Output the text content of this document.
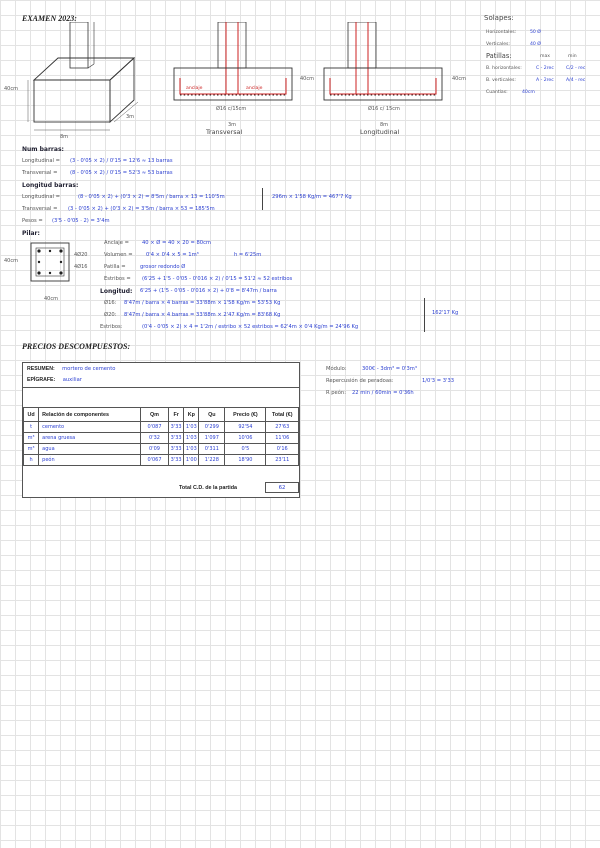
EXAMEN 2023:
40cm
3m
8m
anclaje	anclaje
40cm
Ø16 c/15cm
3m
Transversal
40cm
Ø16 c/ 15cm
8m
Longitudinal
Solapes:
Horizontales:	50 Ø
Verticales:	40 Ø
Patillas:	max	min
B. horizontales:	C - 2rec	C/2 - rec
B. verticales:	A - 2rec	A/4 - rec
Cuantías:	40cm
Num barras:
Longitudinal = (3 - 0'05 × 2) / 0'15 = 12'6 ≈ 13 barras
Transversal = (8 - 0'05 × 2) / 0'15 = 52'3 ≈ 53 barras
Longitud barras:
Longitudinal =	(8 - 0'05 × 2) + (0'3 × 2) = 8'5m / barra × 13 = 110'5m
Transversal = (3 - 0'05 × 2) + (0'3 × 2) = 3'5m / barra × 53 = 185'5m
Pesos = (3'5 - 0'05 · 2) = 3'4m
296m × 1'58 Kg/m = 467'7 Kg
Pilar:
40cm
40cm
4Ø20
4Ø16
Anclaje =	40 × Ø = 40 × 20 = 80cm
Volumen =	0'4 × 0'4 × 5 = 1m³	h = 6'25m
Patilla =	grosor redondo Ø
Estribos = (6'25 + 1'5 - 0'05 - 0'016 × 2) / 0'15 = 51'2 ≈ 52 estribos
Longitud: 6'25 + (1'5 - 0'05 - 0'016 × 2) + 0'8 = 8'47m / barra
Ø16: 8'47m / barra × 4 barras = 33'88m × 1'58 Kg/m = 53'53 Kg
Ø20: 8'47m / barra × 4 barras = 33'88m × 2'47 Kg/m = 83'68 Kg
Estribos:	(0'4 - 0'05 × 2) × 4 = 1'2m / estribo × 52 estribos = 62'4m × 0'4 Kg/m = 24'96 Kg
162'17 Kg
PRECIOS DESCOMPUESTOS:
RESUMEN: mortero de cemento
EPÍGRAFE: auxiliar
Ud	Relación de componentes	Qm	Fr	Kp	Qu	Precio (€)	Total (€)
t	cemento	0'087	3'33	1'03	0'299	92'54	27'63
m³	arena gruesa	0'32	3'33	1'03	1'097	10'06	11'06
m³	agua	0'09	3'33	1'03	0'311	0'5	0'16
h	peón	0'067	3'33	1'00	1'228	18'90	23'11
Total C.D. de la partida	62
Módulo:	300€ - 3dm³ = 0'3m³
Repercusión de peradoas:	1/0'3 = 3'33
R peón: 22 min / 60min = 0'36h
